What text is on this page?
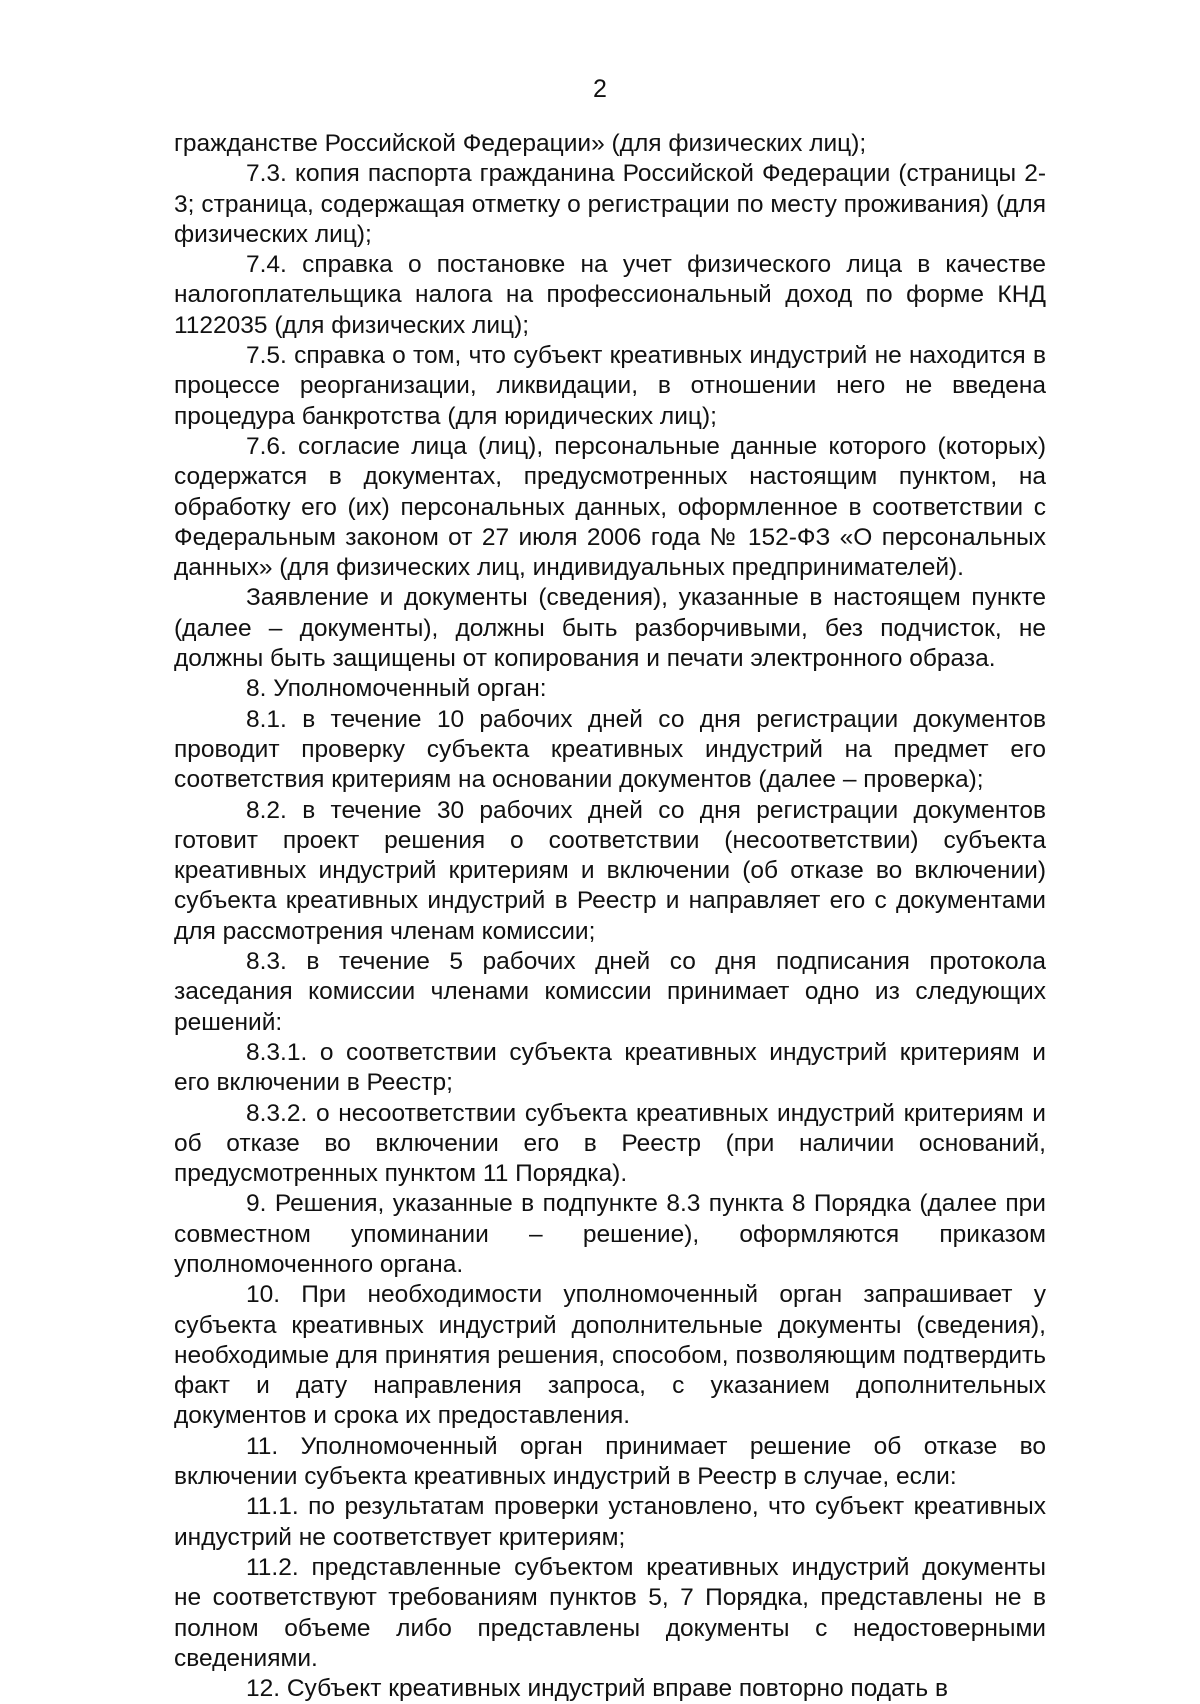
2

гражданстве Российской Федерации» (для физических лиц);

7.3. копия паспорта гражданина Российской Федерации (страницы 2-3; страница, содержащая отметку о регистрации по месту проживания) (для физических лиц);

7.4. справка о постановке на учет физического лица в качестве налогоплательщика налога на профессиональный доход по форме КНД 1122035 (для физических лиц);

7.5. справка о том, что субъект креативных индустрий не находится в процессе реорганизации, ликвидации, в отношении него не введена процедура банкротства (для юридических лиц);

7.6. согласие лица (лиц), персональные данные которого (которых) содержатся в документах, предусмотренных настоящим пунктом, на обработку его (их) персональных данных, оформленное в соответствии с Федеральным законом от 27 июля 2006 года № 152-ФЗ «О персональных данных» (для физических лиц, индивидуальных предпринимателей).

Заявление и документы (сведения), указанные в настоящем пункте (далее – документы), должны быть разборчивыми, без подчисток, не должны быть защищены от копирования и печати электронного образа.

8. Уполномоченный орган:

8.1. в течение 10 рабочих дней со дня регистрации документов проводит проверку субъекта креативных индустрий на предмет его соответствия критериям на основании документов (далее – проверка);

8.2. в течение 30 рабочих дней со дня регистрации документов готовит проект решения о соответствии (несоответствии) субъекта креативных индустрий критериям и включении (об отказе во включении) субъекта креативных индустрий в Реестр и направляет его с документами для рассмотрения членам комиссии;

8.3. в течение 5 рабочих дней со дня подписания протокола заседания комиссии членами комиссии принимает одно из следующих решений:

8.3.1. о соответствии субъекта креативных индустрий критериям и его включении в Реестр;

8.3.2. о несоответствии субъекта креативных индустрий критериям и об отказе во включении его в Реестр (при наличии оснований, предусмотренных пунктом 11 Порядка).

9. Решения, указанные в подпункте 8.3 пункта 8 Порядка (далее при совместном упоминании – решение), оформляются приказом уполномоченного органа.

10. При необходимости уполномоченный орган запрашивает у субъекта креативных индустрий дополнительные документы (сведения), необходимые для принятия решения, способом, позволяющим подтвердить факт и дату направления запроса, с указанием дополнительных документов и срока их предоставления.

11. Уполномоченный орган принимает решение об отказе во включении субъекта креативных индустрий в Реестр в случае, если:

11.1. по результатам проверки установлено, что субъект креативных индустрий не соответствует критериям;

11.2. представленные субъектом креативных индустрий документы не соответствуют требованиям пунктов 5, 7 Порядка, представлены не в полном объеме либо представлены документы с недостоверными сведениями.

12. Субъект креативных индустрий вправе повторно подать в
